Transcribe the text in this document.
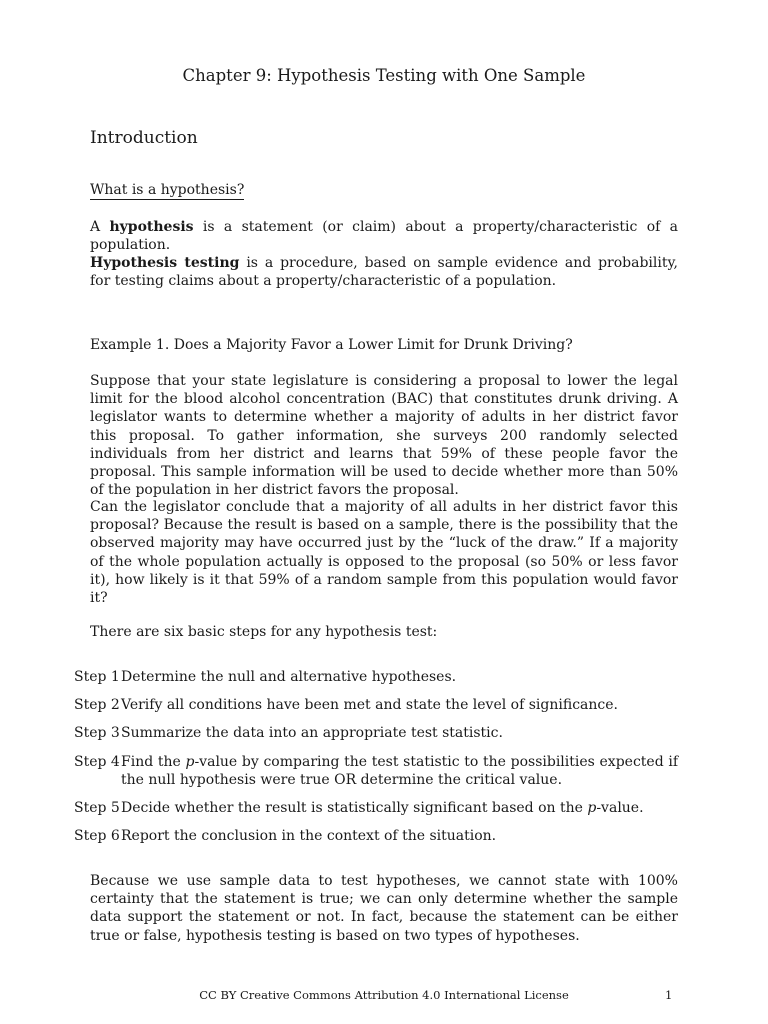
Chapter 9: Hypothesis Testing with One Sample
Introduction
What is a hypothesis?
A hypothesis is a statement (or claim) about a property/characteristic of a population.
Hypothesis testing is a procedure, based on sample evidence and probability, for testing claims about a property/characteristic of a population.
Example 1. Does a Majority Favor a Lower Limit for Drunk Driving?
Suppose that your state legislature is considering a proposal to lower the legal limit for the blood alcohol concentration (BAC) that constitutes drunk driving. A legislator wants to determine whether a majority of adults in her district favor this proposal. To gather information, she surveys 200 randomly selected individuals from her district and learns that 59% of these people favor the proposal. This sample information will be used to decide whether more than 50% of the population in her district favors the proposal.
Can the legislator conclude that a majority of all adults in her district favor this proposal? Because the result is based on a sample, there is the possibility that the observed majority may have occurred just by the “luck of the draw.” If a majority of the whole population actually is opposed to the proposal (so 50% or less favor it), how likely is it that 59% of a random sample from this population would favor it?
There are six basic steps for any hypothesis test:
Step 1 Determine the null and alternative hypotheses.
Step 2 Verify all conditions have been met and state the level of significance.
Step 3 Summarize the data into an appropriate test statistic.
Step 4 Find the p-value by comparing the test statistic to the possibilities expected if the null hypothesis were true OR determine the critical value.
Step 5 Decide whether the result is statistically significant based on the p-value.
Step 6 Report the conclusion in the context of the situation.
Because we use sample data to test hypotheses, we cannot state with 100% certainty that the statement is true; we can only determine whether the sample data support the statement or not. In fact, because the statement can be either true or false, hypothesis testing is based on two types of hypotheses.
CC BY Creative Commons Attribution 4.0 International License	1
